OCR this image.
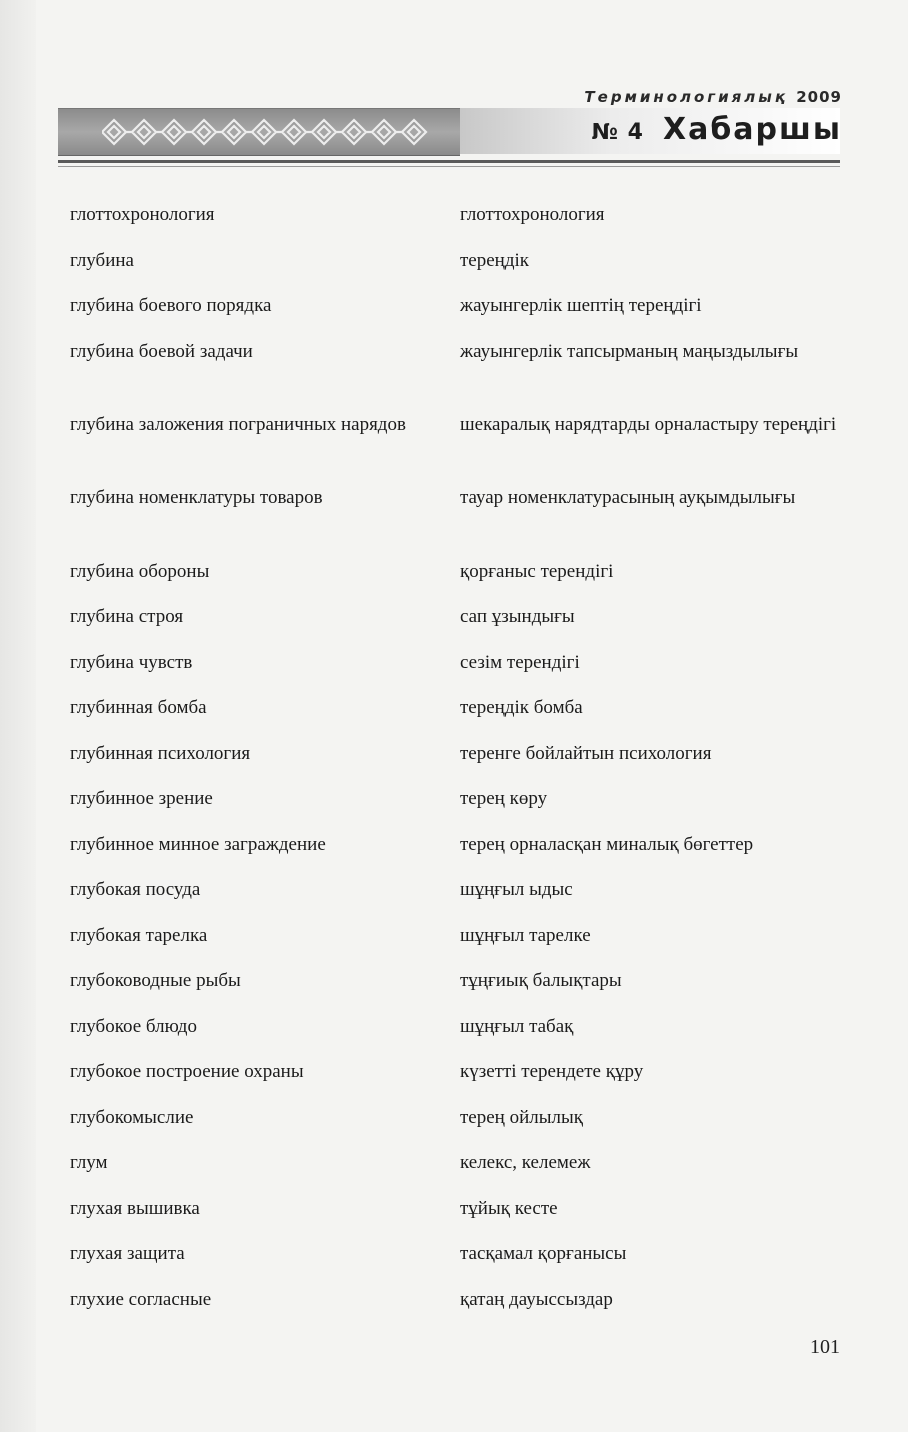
Терминологиялық 2009
№ 4 Хабаршы
глоттохронология	глоттохронология
глубина	тереңдік
глубина боевого порядка	жауынгерлік шептің тереңдігі
глубина боевой задачи	жауынгерлік тапсырманың маңыздылығы
глубина заложения пограничных нарядов	шекаралық нарядтарды орналастыру тереңдігі
глубина номенклатуры товаров	тауар номенклатурасының ауқымдылығы
глубина обороны	қорғаныс терендігі
глубина строя	сап ұзындығы
глубина чувств	сезім терендігі
глубинная бомба	тереңдік бомба
глубинная психология	теренге бойлайтын психология
глубинное зрение	терең көру
глубинное минное заграждение	терең орналасқан миналық бөгеттер
глубокая посуда	шұңғыл ыдыс
глубокая тарелка	шұңғыл тарелке
глубоководные рыбы	тұңғиық балықтары
глубокое блюдо	шұңғыл табақ
глубокое построение охраны	күзетті терендете құру
глубокомыслие	терең ойлылық
глум	келекс, келемеж
глухая вышивка	тұйық кесте
глухая защита	тасқамал қорғанысы
глухие согласные	қатаң дауыссыздар
101
